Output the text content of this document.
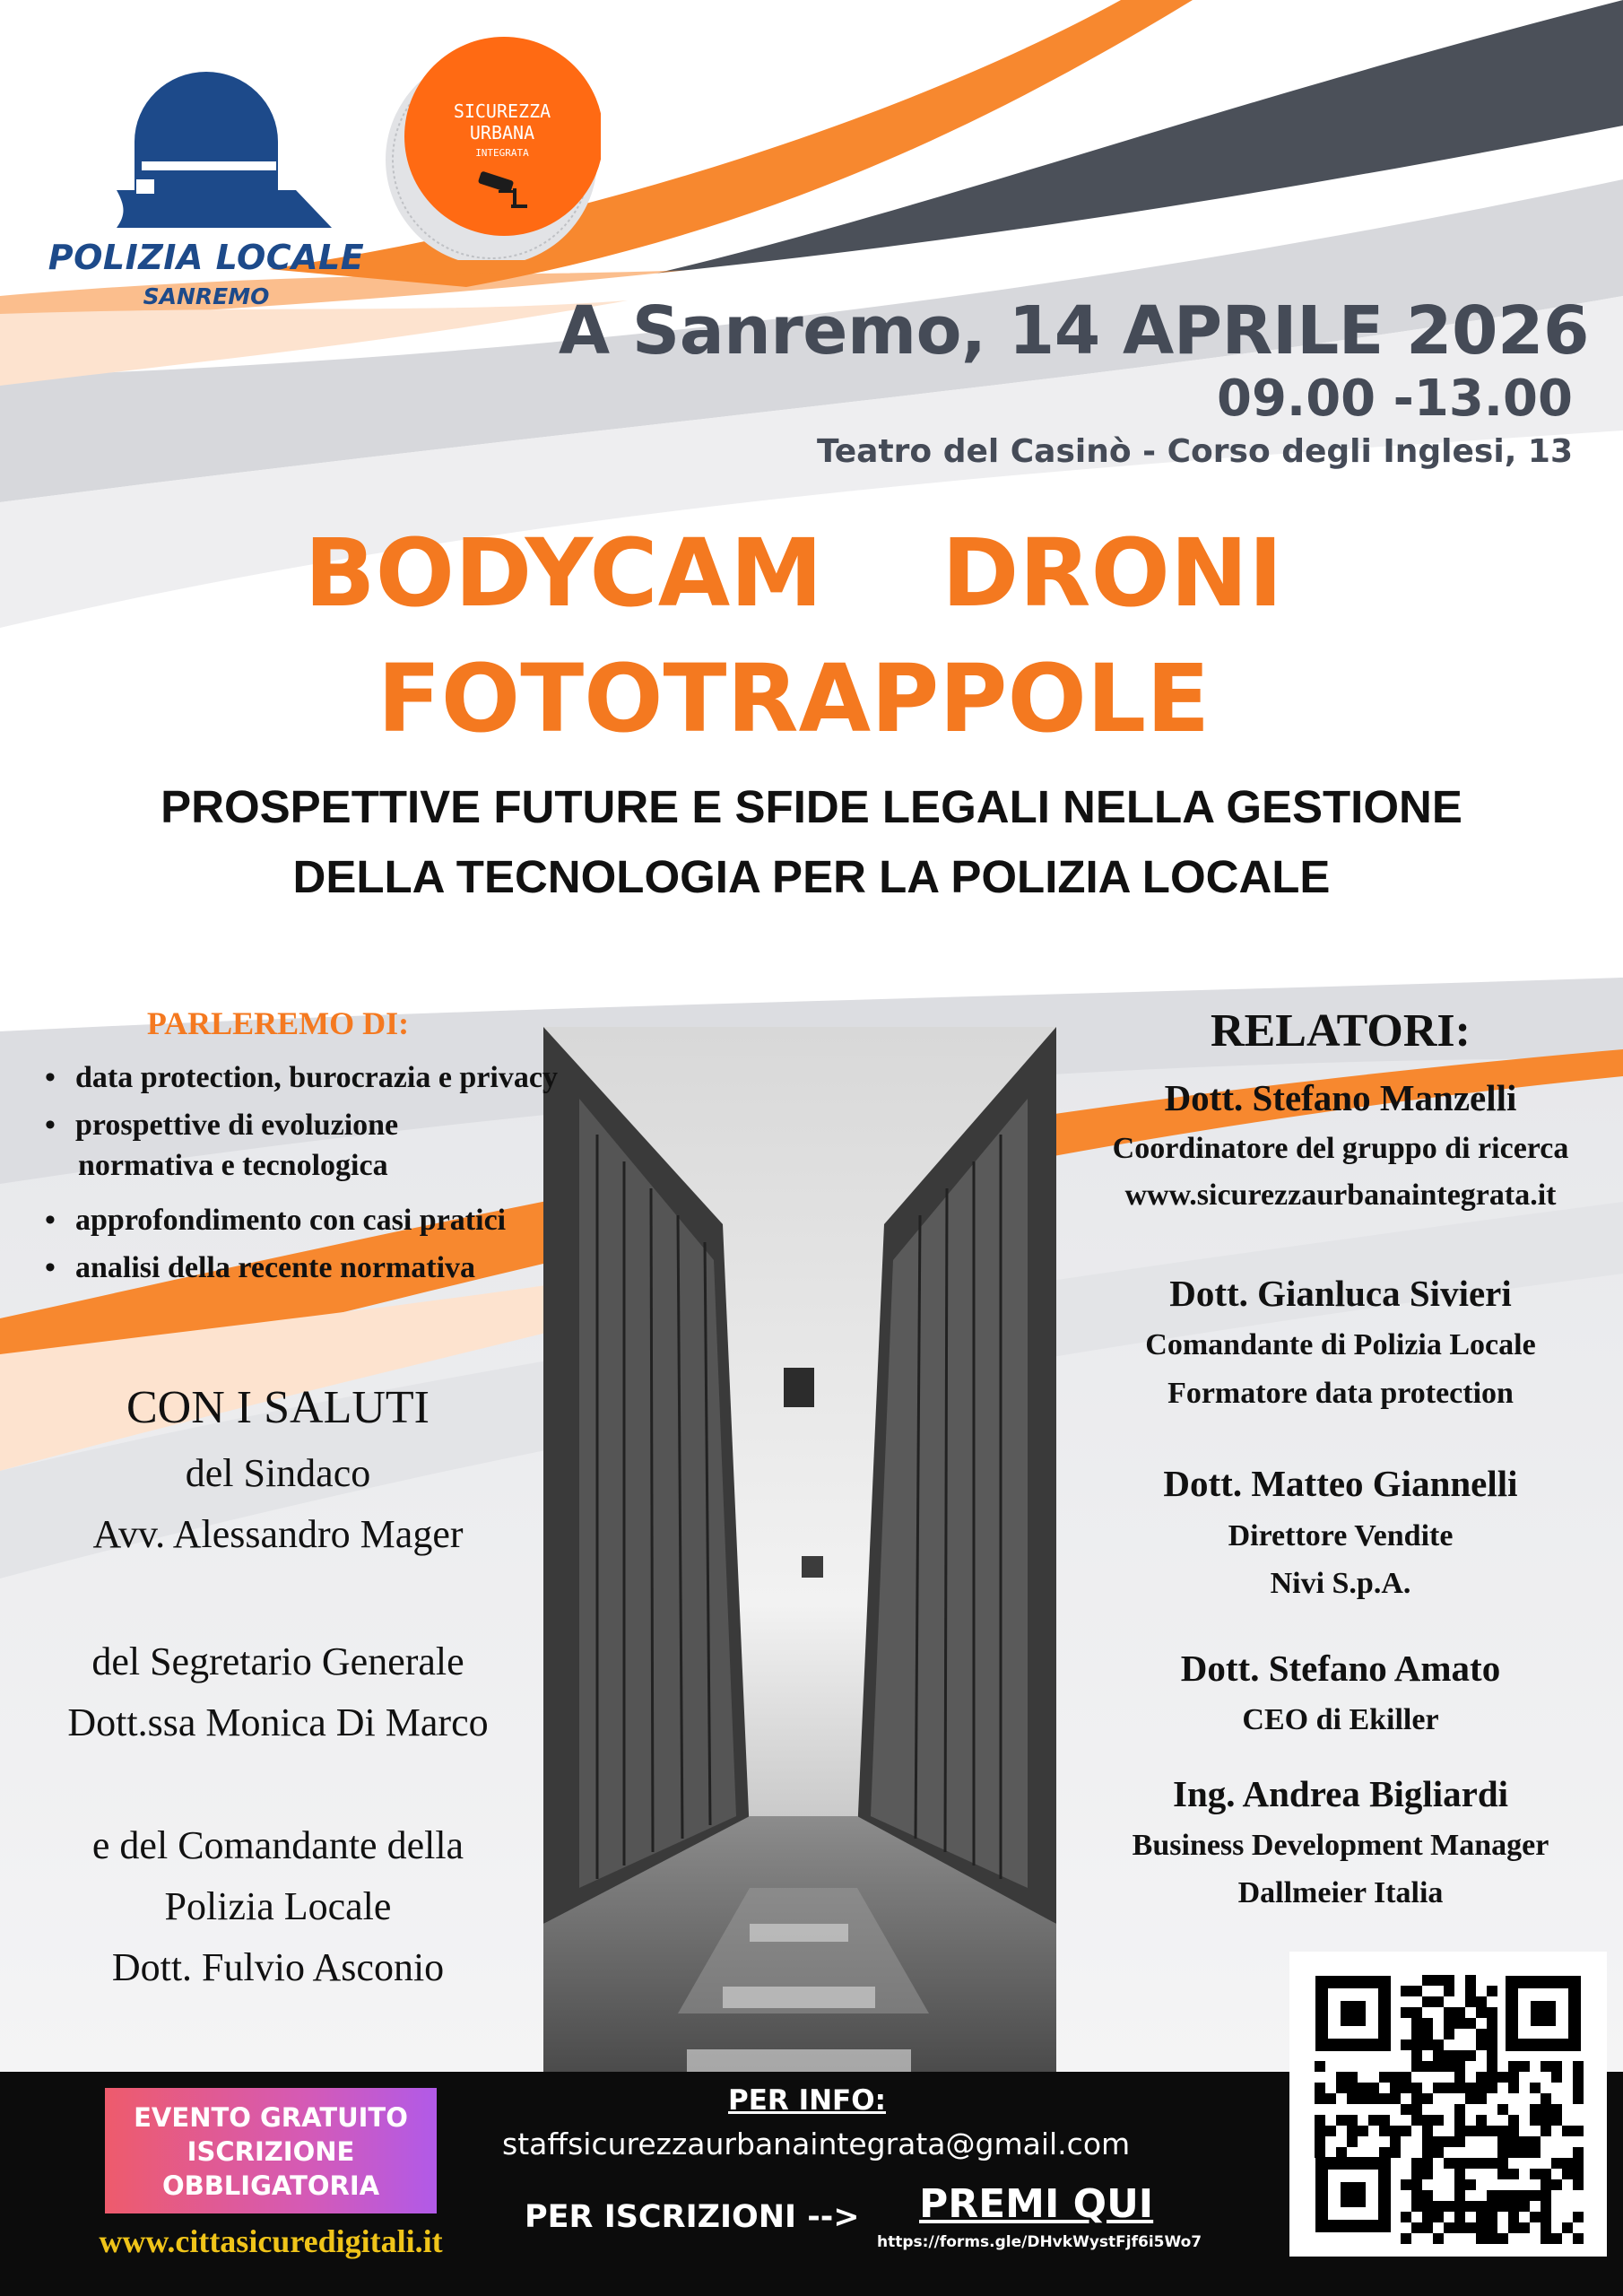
POLIZIA LOCALE
SANREMO
SICUREZZA
URBANA
INTEGRATA
A Sanremo, 14 APRILE 2026
09.00 -13.00
Teatro del Casinò - Corso degli Inglesi, 13
BODYCAM  DRONI
FOTOTRAPPOLE
PROSPETTIVE FUTURE E SFIDE LEGALI NELLA GESTIONE
DELLA TECNOLOGIA PER LA POLIZIA LOCALE
PARLEREMO DI:
• data protection, burocrazia e privacy
• prospettive di evoluzione
• approfondimento con casi pratici
• analisi della recente normativa
normativa e tecnologica
CON I SALUTI
del Sindaco
Avv. Alessandro Mager
del Segretario Generale
Dott.ssa Monica Di Marco
e del Comandante della
Polizia Locale
Dott. Fulvio Asconio
RELATORI:
Dott. Stefano Manzelli
Coordinatore del gruppo di ricerca
www.sicurezzaurbanaintegrata.it
Dott. Gianluca Sivieri
Comandante di Polizia Locale
Formatore data protection
Dott. Matteo Giannelli
Direttore Vendite
Nivi S.p.A.
Dott. Stefano Amato
CEO di Ekiller
Ing. Andrea Bigliardi
Business Development Manager
Dallmeier Italia
EVENTO GRATUITO
ISCRIZIONE
OBBLIGATORIA
www.cittasicuredigitali.it
PER INFO:
staffsicurezzaurbanaintegrata@gmail.com
PER ISCRIZIONI --> PREMI QUI
https://forms.gle/DHvkWystFjf6i5Wo7
